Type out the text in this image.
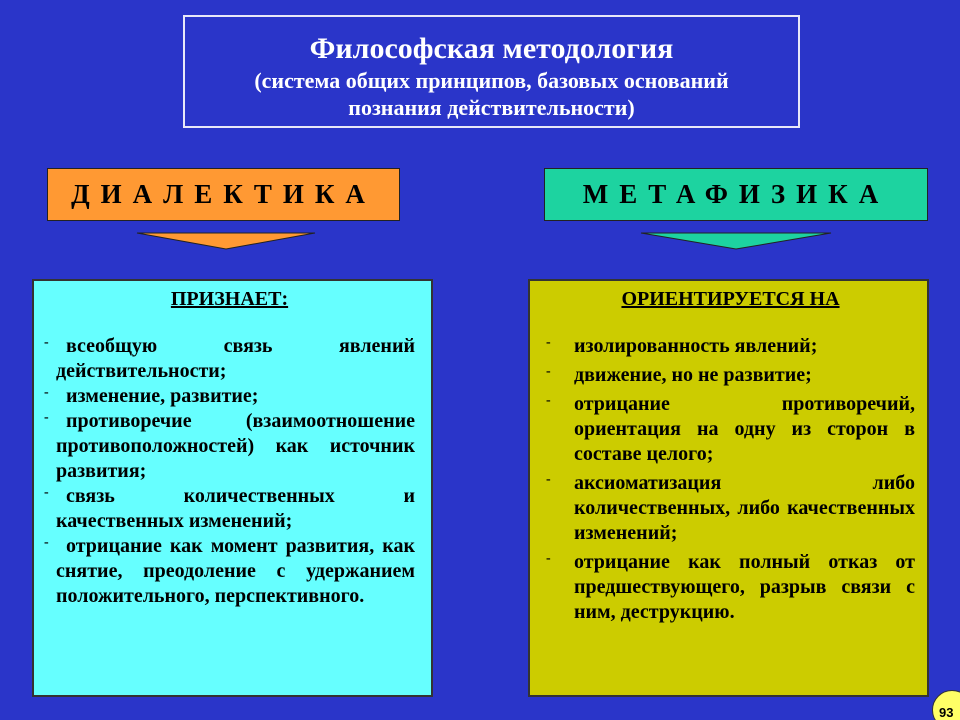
Философская методология
(система общих принципов, базовых оснований
познания действительности)
ДИАЛЕКТИКА	МЕТАФИЗИКА
ПРИЗНАЕТ:
- всеобщую связь явлений действительности;
- изменение, развитие;
- противоречие (взаимоотношение противоположностей) как источник развития;
- связь количественных и качественных изменений;
- отрицание как момент развития, как снятие, преодоление с удержанием положительного, перспективного.
ОРИЕНТИРУЕТСЯ НА
-	изолированность явлений;
-	движение, но не развитие;
-	отрицание противоречий, ориентация на одну из сторон в составе целого;
-	аксиоматизация либо количественных, либо качественных изменений;
-	отрицание как полный отказ от предшествующего, разрыв связи с ним, деструкцию.
93
